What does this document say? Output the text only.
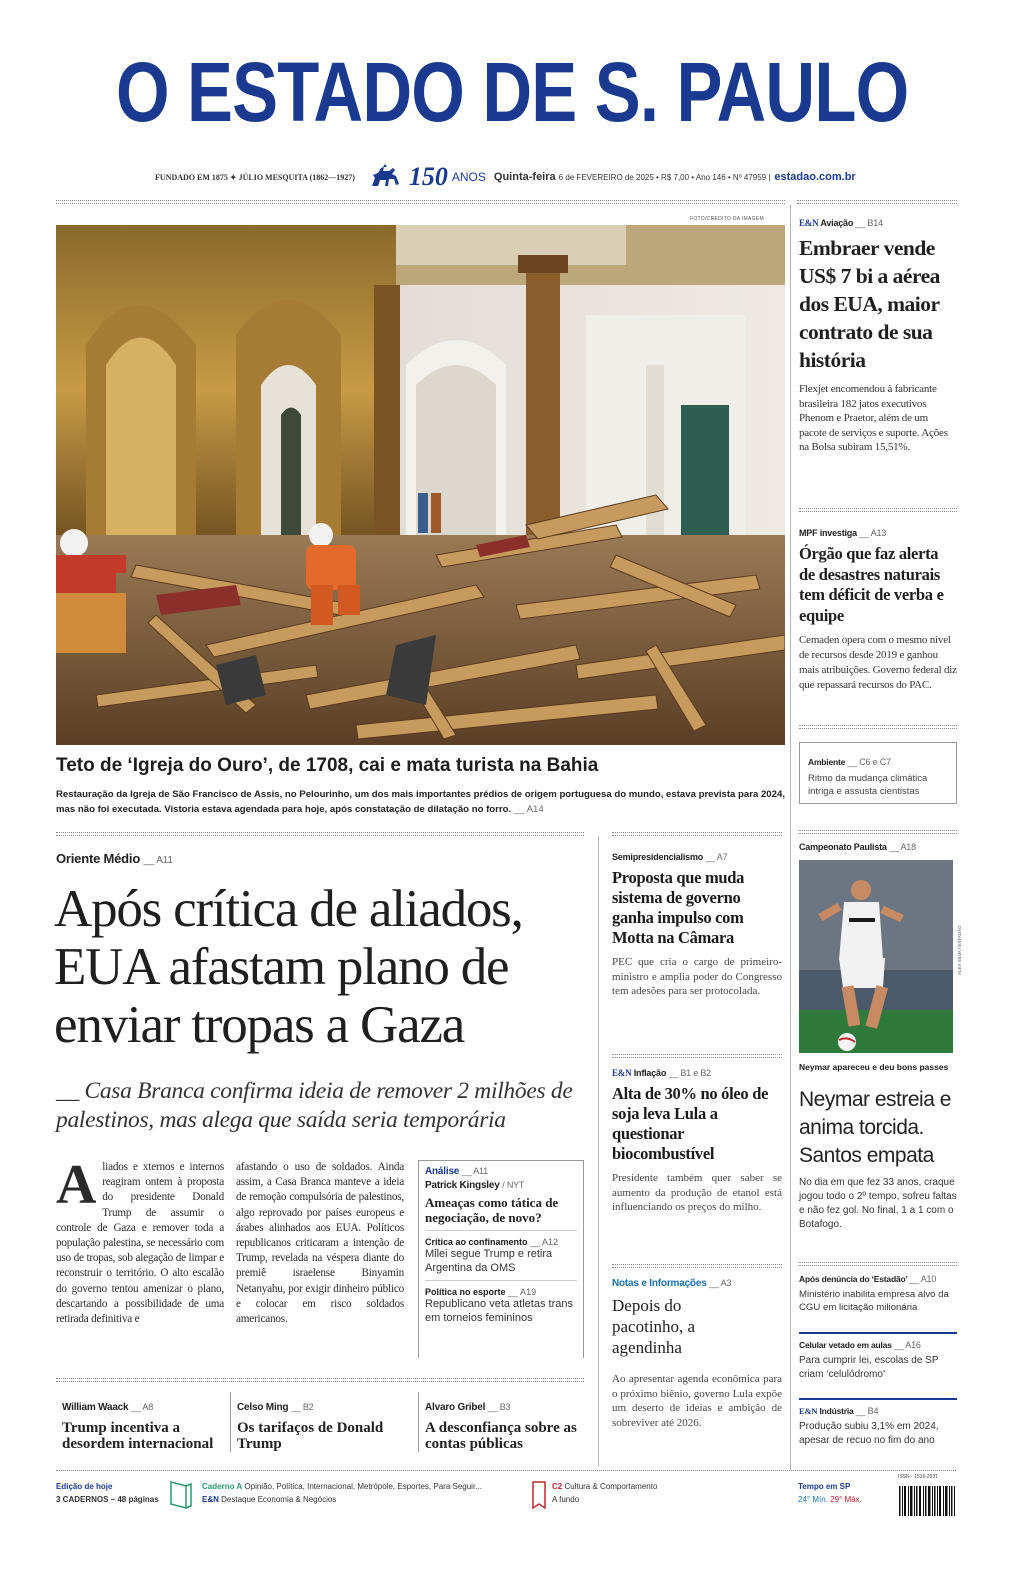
O ESTADO DE S. PAULO
FUNDADO EM 1875 ✦ JÚLIO MESQUITA (1862—1927) 150 ANOS Quinta-feira 6 de FEVEREIRO de 2025 • R$ 7,00 • Ano 146 • Nº 47959 | estadao.com.br
FOTO/CREDITO DA IMAGEM
Teto de ‘Igreja do Ouro’, de 1708, cai e mata turista na Bahia
Restauração da Igreja de São Francisco de Assis, no Pelourinho, um dos mais importantes prédios de origem portuguesa do mundo, estava prevista para 2024, mas não foi executada. Vistoria estava agendada para hoje, após constatação de dilatação no forro. __ A14
Oriente Médio __ A11
Após crítica de aliados, EUA afastam plano de enviar tropas a Gaza
__ Casa Branca confirma ideia de remover 2 milhões de palestinos, mas alega que saída seria temporária
A liados e xternos e internos reagiram ontem à proposta do presidente Donald Trump de assumir o controle de Gaza e remover toda a população palestina, se necessário com uso de tropas, sob alegação de limpar e reconstruir o território. O alto escalão do governo tentou amenizar o plano, descartando a possibilidade de uma retirada definitiva e
afastando o uso de soldados. Ainda assim, a Casa Branca manteve a ideia de remoção compulsória de palestinos, algo reprovado por países europeus e árabes alinhados aos EUA. Políticos republicanos criticaram a intenção de Trump, revelada na véspera diante do premiê israelense Binyamin Netanyahu, por exigir dinheiro público e colocar em risco soldados americanos.
Análise __ A11
Patrick Kingsley / NYT
Ameaças como tática de negociação, de novo?
Crítica ao confinamento __ A12
Milei segue Trump e retira Argentina da OMS
Política no esporte __ A19
Republicano veta atletas trans em torneios femininos
William Waack __ A8
Trump incentiva a desordem internacional
Celso Ming __ B2
Os tarifaços de Donald Trump
Alvaro Gribel __ B3
A desconfiança sobre as contas públicas
Semipresidencialismo __ A7
Proposta que muda sistema de governo ganha impulso com Motta na Câmara
PEC que cria o cargo de primeiro-ministro e amplia poder do Congresso tem adesões para ser protocolada.
E&N Inflação __ B1 e B2
Alta de 30% no óleo de soja leva Lula a questionar biocombustível
Presidente também quer saber se aumento da produção de etanol está influenciando os preços do milho.
Notas e Informações __ A3
Depois do pacotinho, a agendinha
Ao apresentar agenda econômica para o próximo biênio, governo Lula expõe um deserto de ideias e ambição de sobreviver até 2026.
E&N Aviação __ B14
Embraer vende US$ 7 bi a aérea dos EUA, maior contrato de sua história
Flexjet encomendou à fabricante brasileira 182 jatos executivos Phenom e Praetor, além de um pacote de serviços e suporte. Ações na Bolsa subiram 15,51%.
MPF investiga __ A13
Órgão que faz alerta de desastres naturais tem déficit de verba e equipe
Cemaden opera com o mesmo nível de recursos desde 2019 e ganhou mais atribuições. Governo federal diz que repassará recursos do PAC.
Ambiente __ C6 e C7
Ritmo da mudança climática intriga e assusta cientistas
Campeonato Paulista __ A18
ALEX SILVA / ESTADÃO
Neymar apareceu e deu bons passes
Neymar estreia e anima torcida. Santos empata
No dia em que fez 33 anos, craque jogou todo o 2º tempo, sofreu faltas e não fez gol. No final, 1 a 1 com o Botafogo.
Após denúncia do ‘Estadão’ __ A10
Ministério inabilita empresa alvo da CGU em licitação milionária
Celular vetado em aulas __ A16
Para cumprir lei, escolas de SP criam ‘celulódromo’
E&N Indústria __ B4
Produção subiu 3,1% em 2024, apesar de recuo no fim do ano
Edição de hoje
3 CADERNOS – 48 páginas
Caderno A Opinião, Política, Internacional, Metrópole, Esportes, Para Seguir...
E&N Destaque Economia & Negócios
C2 Cultura & Comportamento
A fundo
Tempo em SP
24° Mín. 29° Máx.
ISSN - 1516-2931
